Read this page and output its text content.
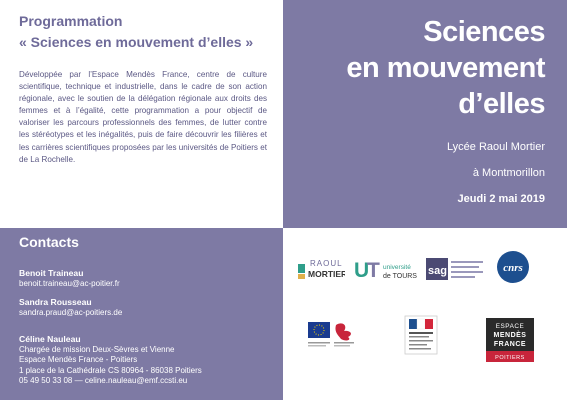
Programmation
« Sciences en mouvement d’elles »
Développée par l’Espace Mendès France, centre de culture scientifique, technique et industrielle, dans le cadre de son action régionale, avec le soutien de la délégation régionale aux droits des femmes et à l’égalité, cette programmation a pour objectif de valoriser les parcours professionnels des femmes, de lutter contre les stéréotypes et les inégalités, puis de faire découvrir les filières et les carrières scientifiques proposées par les universités de Poitiers et de La Rochelle.
Sciences
en mouvement
d’elles
Lycée Raoul Mortier
à Montmorillon
Jeudi 2 mai 2019
Contacts
Benoit Traineau
benoit.traineau@ac-poitier.fr
Sandra Rousseau
sandra.praud@ac-poitiers.de
Céline Nauleau
Chargée de mission Deux-Sèvres et Vienne
Espace Mendès France - Poitiers
1 place de la Cathédrale CS 80964 - 86038 Poitiers
05 49 50 33 08 — celine.nauleau@emf.ccsti.eu
RAOUL
MORTIER U
T université
de TOURS sag	cnrs
ESPACE
MENDÈS
FRANCE
POITIERS
